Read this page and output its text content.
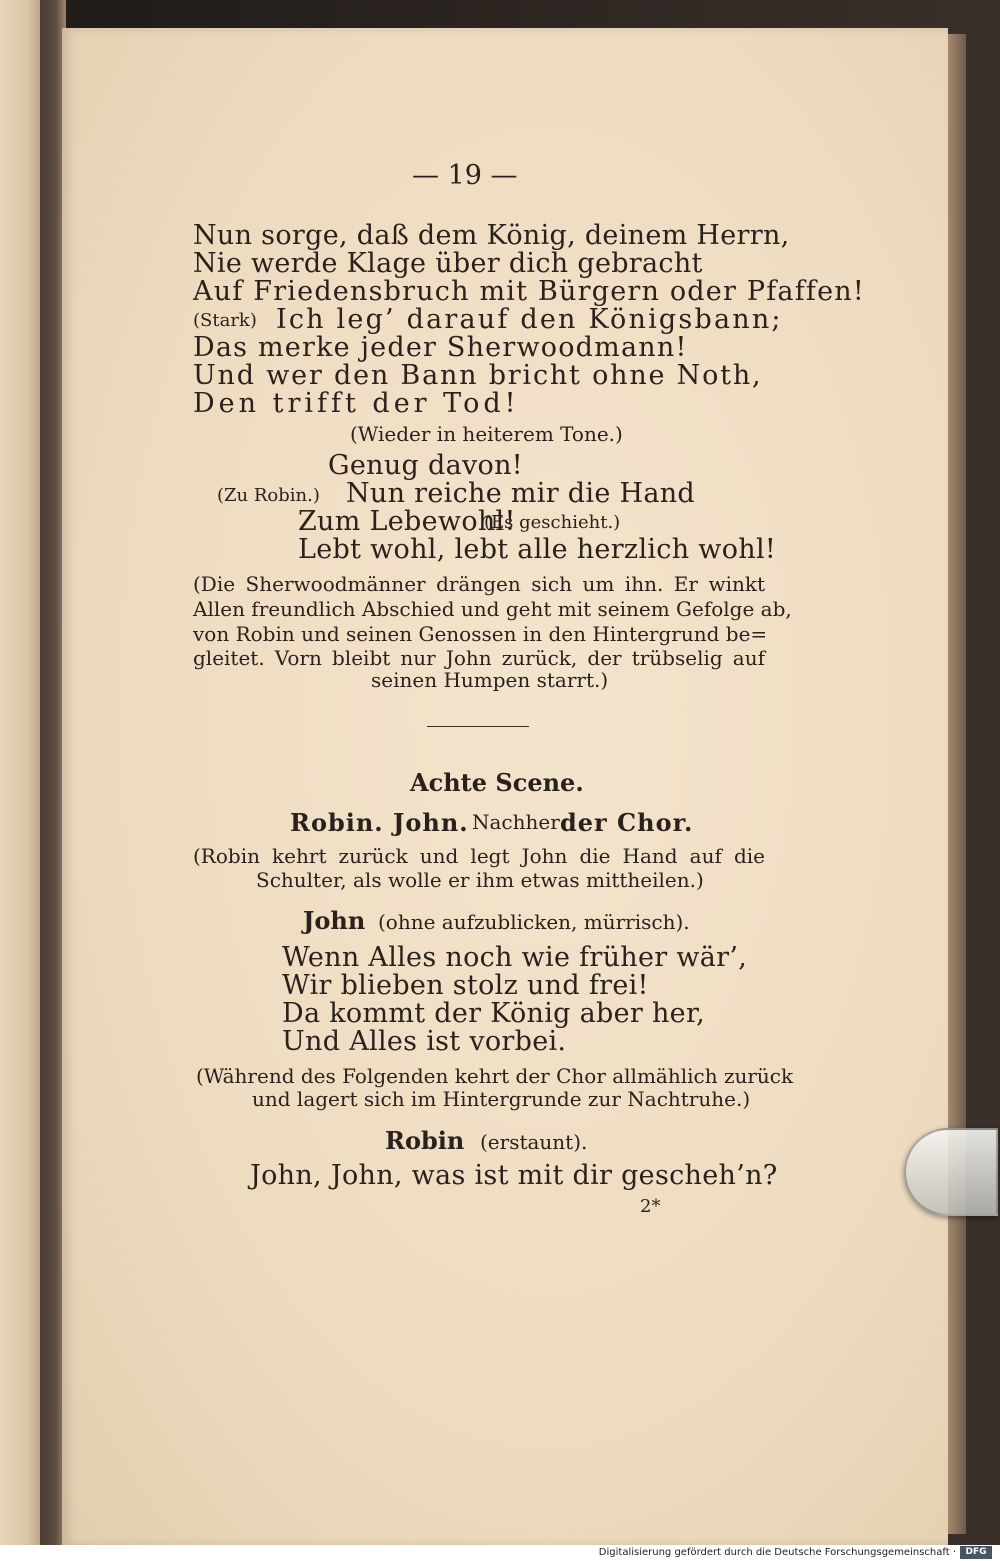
— 19 —

Nun sorge, daß dem König, deinem Herrn,

Nie werde Klage über dich gebracht

Auf Friedensbruch mit Bürgern oder Pfaffen!

(Stark) Ich leg’ darauf den Königsbann;

Das merke jeder Sherwoodmann!

Und wer den Bann bricht ohne Noth,

Den trifft der Tod!

(Wieder in heiterem Tone.)

Genug davon!

(Zu Robin.) Nun reiche mir die Hand

Zum Lebewohl!

(Es geschieht.)

Lebt wohl, lebt alle herzlich wohl!

(Die Sherwoodmänner drängen sich um ihn. Er winkt

Allen freundlich Abschied und geht mit seinem Gefolge ab,

von Robin und seinen Genossen in den Hintergrund be=

gleitet. Vorn bleibt nur John zurück, der trübselig auf

seinen Humpen starrt.)

Achte Scene.

Robin. John. Nachher der Chor.

(Robin kehrt zurück und legt John die Hand auf die

Schulter, als wolle er ihm etwas mittheilen.)

John (ohne aufzublicken, mürrisch).

Wenn Alles noch wie früher wär’,

Wir blieben stolz und frei!

Da kommt der König aber her,

Und Alles ist vorbei.

(Während des Folgenden kehrt der Chor allmählich zurück

und lagert sich im Hintergrunde zur Nachtruhe.)

Robin (erstaunt).

John, John, was ist mit dir gescheh’n?

2*

Digitalisierung gefördert durch die Deutsche Forschungsgemeinschaft ·	DFG
